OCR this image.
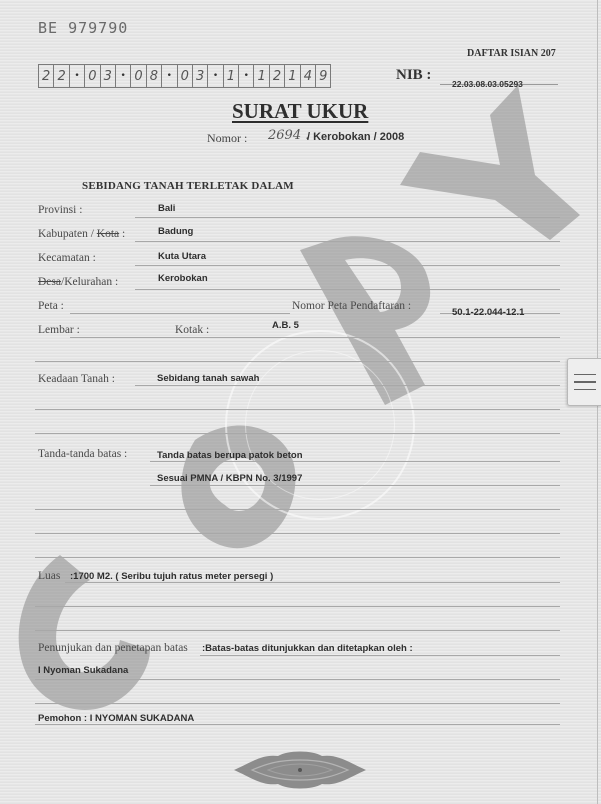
BE 979790
DAFTAR ISIAN 207
2 2 • 0 3 • 0 8 • 0 3 • 1 • 1 2 1 4 9	NIB :
22.03.08.03.05293
SURAT UKUR
Nomor : 2694 .
/ Kerobokan / 2008
SEBIDANG TANAH TERLETAK DALAM
Provinsi :	Bali
Kabupaten / Kota :	Badung
Kecamatan :	Kuta Utara
Desa/Kelurahan :	Kerobokan
Peta :	Nomor Peta Pendaftaran :
50.1-22.044-12.1
Lembar :	Kotak :	A.B. 5
Keadaan Tanah :	Sebidang tanah sawah
Tanda-tanda batas :	Tanda batas berupa patok beton
Sesuai PMNA / KBPN No. 3/1997
Luas :1700 M2. ( Seribu tujuh ratus meter persegi )
Penunjukan dan penetapan batas :Batas-batas ditunjukkan dan ditetapkan oleh :
I Nyoman Sukadana
Pemohon : I NYOMAN SUKADANA
